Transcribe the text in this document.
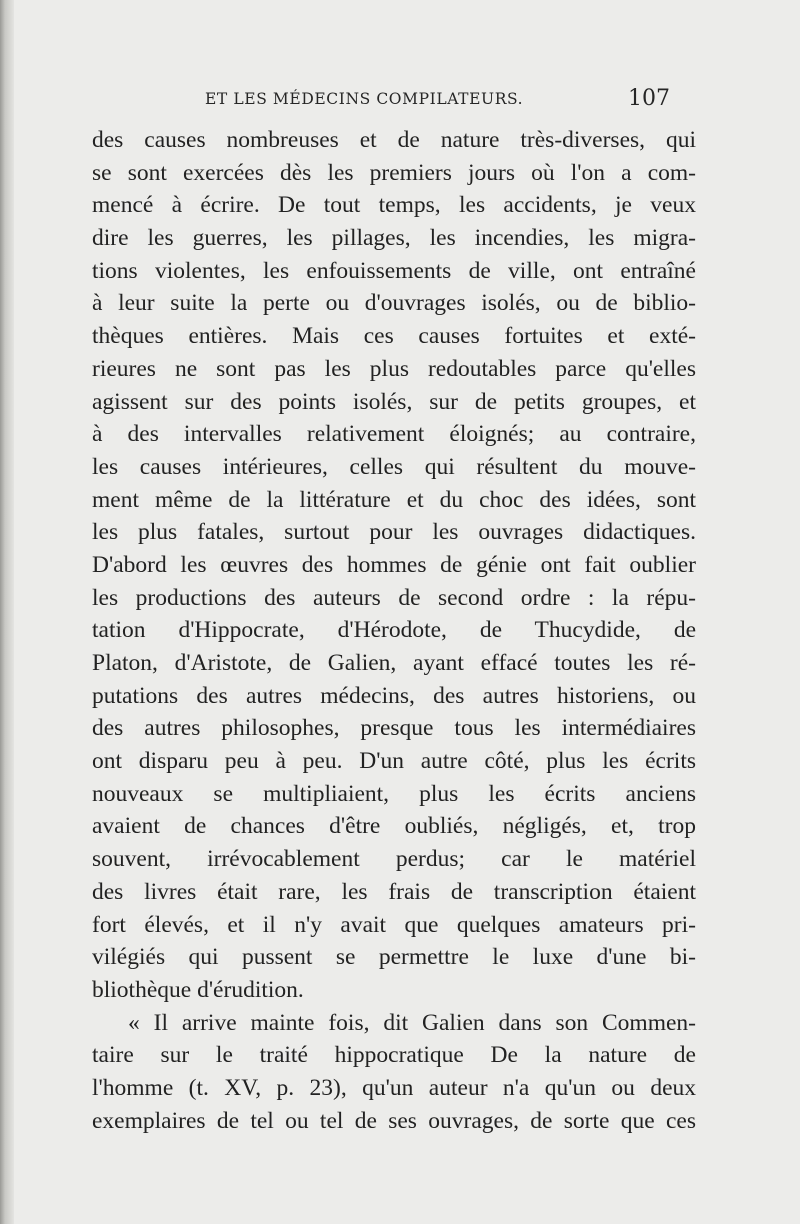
ET LES MÉDECINS COMPILATEURS.	107
des causes nombreuses et de nature très-diverses, qui
se sont exercées dès les premiers jours où l'on a com-
mencé à écrire. De tout temps, les accidents, je veux
dire les guerres, les pillages, les incendies, les migra-
tions violentes, les enfouissements de ville, ont entraîné
à leur suite la perte ou d'ouvrages isolés, ou de biblio-
thèques entières. Mais ces causes fortuites et exté-
rieures ne sont pas les plus redoutables parce qu'elles
agissent sur des points isolés, sur de petits groupes, et
à des intervalles relativement éloignés; au contraire,
les causes intérieures, celles qui résultent du mouve-
ment même de la littérature et du choc des idées, sont
les plus fatales, surtout pour les ouvrages didactiques.
D'abord les œuvres des hommes de génie ont fait oublier
les productions des auteurs de second ordre : la répu-
tation d'Hippocrate, d'Hérodote, de Thucydide, de
Platon, d'Aristote, de Galien, ayant effacé toutes les ré-
putations des autres médecins, des autres historiens, ou
des autres philosophes, presque tous les intermédiaires
ont disparu peu à peu. D'un autre côté, plus les écrits
nouveaux se multipliaient, plus les écrits anciens
avaient de chances d'être oubliés, négligés, et, trop
souvent, irrévocablement perdus; car le matériel
des livres était rare, les frais de transcription étaient
fort élevés, et il n'y avait que quelques amateurs pri-
vilégiés qui pussent se permettre le luxe d'une bi-
bliothèque d'érudition.
« Il arrive mainte fois, dit Galien dans son Commen-
taire sur le traité hippocratique De la nature de
l'homme (t. XV, p. 23), qu'un auteur n'a qu'un ou deux
exemplaires de tel ou tel de ses ouvrages, de sorte que ces
